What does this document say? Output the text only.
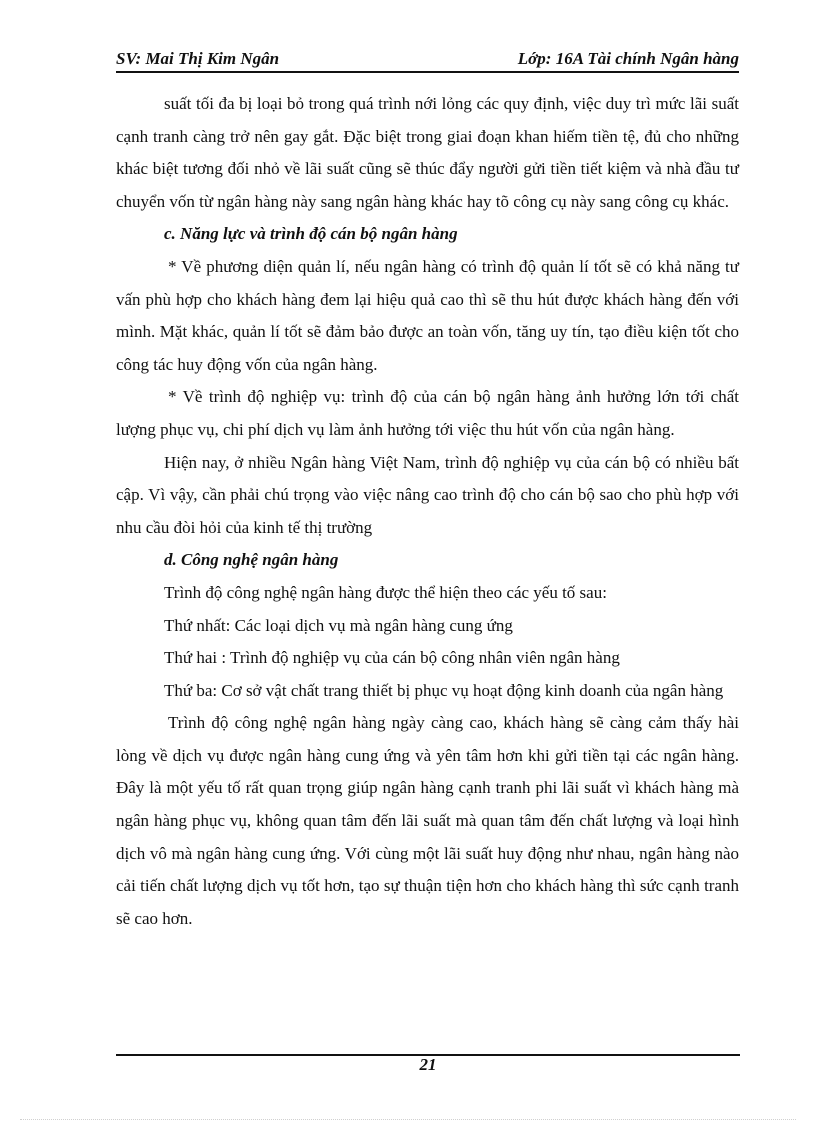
SV: Mai Thị Kim Ngân	Lớp: 16A Tài chính Ngân hàng

suất tối đa bị loại bỏ trong quá trình nới lỏng các quy định, việc duy trì mức lãi suất cạnh tranh càng trở nên gay gắt. Đặc biệt trong giai đoạn khan hiếm tiền tệ, đủ cho những khác biệt tương đối nhỏ về lãi suất cũng sẽ thúc đẩy người gửi tiền tiết kiệm và nhà đầu tư chuyển vốn từ ngân hàng này sang ngân hàng khác hay tõ công cụ này sang công cụ khác.

c. Năng lực và trình độ cán bộ ngân hàng

* Về phương diện quản lí, nếu ngân hàng có trình độ quản lí tốt sẽ có khả năng tư vấn phù hợp cho khách hàng đem lại hiệu quả cao thì sẽ thu hút được khách hàng đến với mình. Mặt khác, quản lí tốt sẽ đảm bảo được an toàn vốn, tăng uy tín, tạo điều kiện tốt cho công tác huy động vốn của ngân hàng.

* Về trình độ nghiệp vụ: trình độ của cán bộ ngân hàng ảnh hưởng lớn tới chất lượng phục vụ, chi phí dịch vụ làm ảnh hưởng tới việc thu hút vốn của ngân hàng.

Hiện nay, ở nhiều Ngân hàng Việt Nam, trình độ nghiệp vụ của cán bộ có nhiều bất cập. Vì vậy, cần phải chú trọng vào việc nâng cao trình độ cho cán bộ sao cho phù hợp với nhu cầu đòi hỏi của kinh tế thị trường

d. Công nghệ ngân hàng

Trình độ công nghệ ngân hàng được thể hiện theo các yếu tố sau:

Thứ nhất: Các loại dịch vụ mà ngân hàng cung ứng

Thứ hai : Trình độ nghiệp vụ của cán bộ công nhân viên ngân hàng

Thứ ba: Cơ sở vật chất trang thiết bị phục vụ hoạt động kinh doanh của ngân hàng

Trình độ công nghệ ngân hàng ngày càng cao, khách hàng sẽ càng cảm thấy hài lòng về dịch vụ được ngân hàng cung ứng và yên tâm hơn khi gửi tiền tại các ngân hàng. Đây là một yếu tố rất quan trọng giúp ngân hàng cạnh tranh phi lãi suất vì khách hàng mà ngân hàng phục vụ, không quan tâm đến lãi suất mà quan tâm đến chất lượng và loại hình dịch vô mà ngân hàng cung ứng. Với cùng một lãi suất huy động như nhau, ngân hàng nào cải tiến chất lượng dịch vụ tốt hơn, tạo sự thuận tiện hơn cho khách hàng thì sức cạnh tranh sẽ cao hơn.

21
